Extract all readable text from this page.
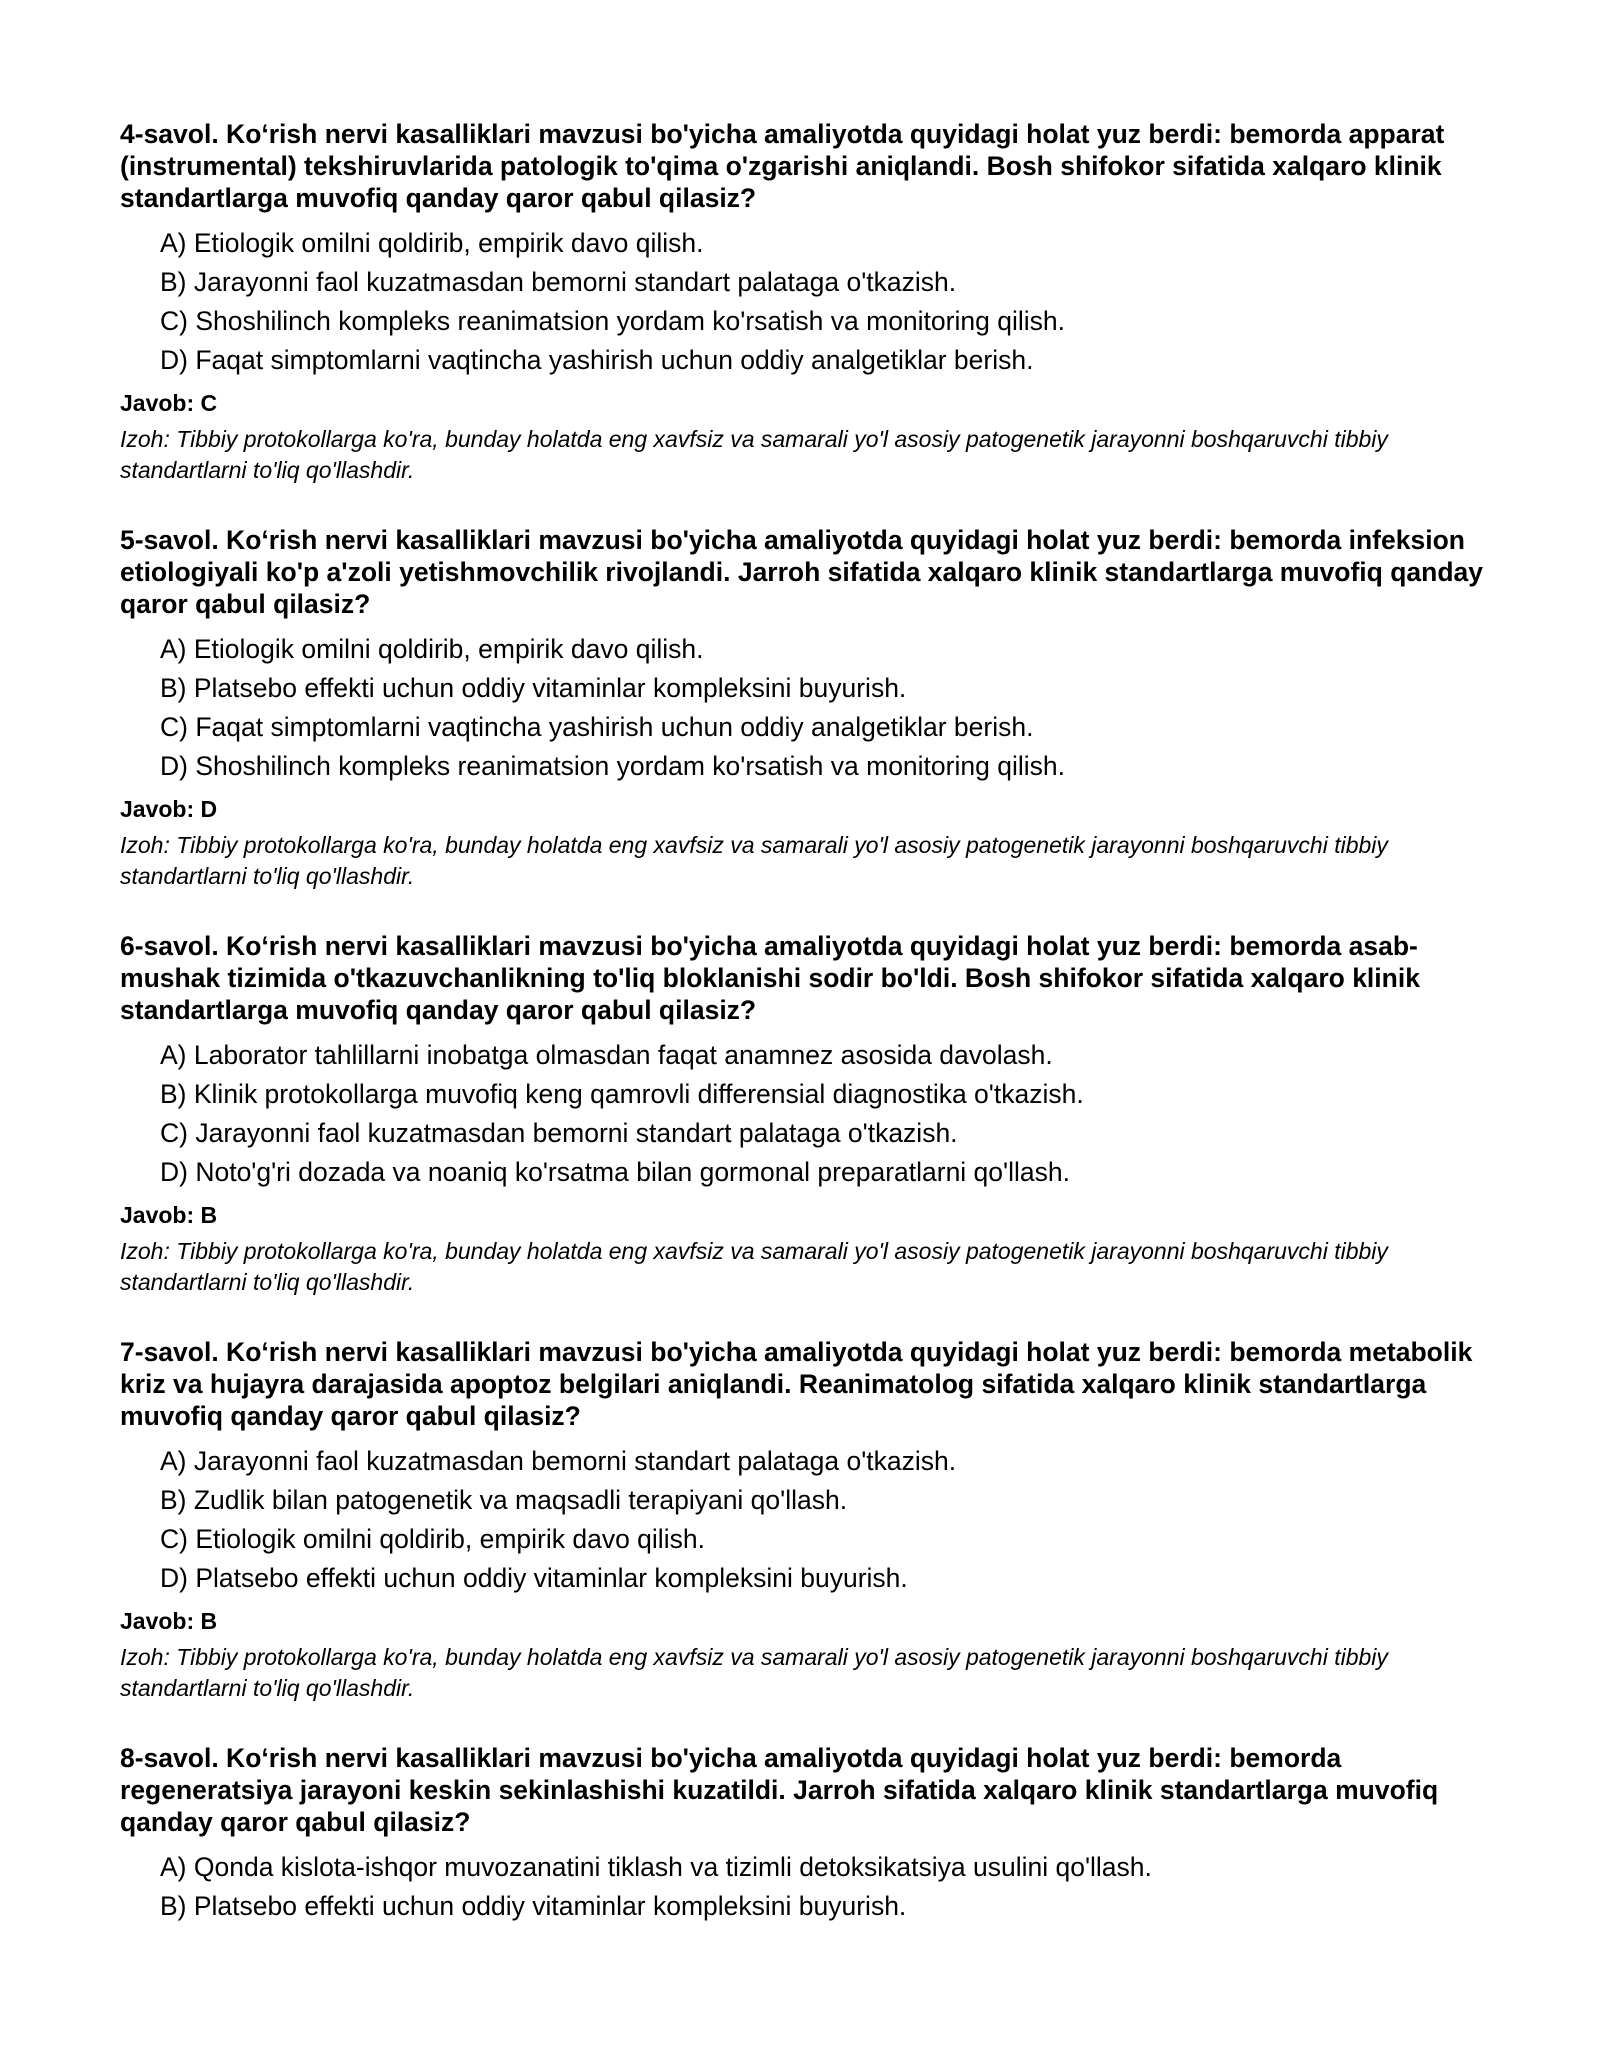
4-savol. Ko‘rish nervi kasalliklari mavzusi bo'yicha amaliyotda quyidagi holat yuz berdi: bemorda apparat (instrumental) tekshiruvlarida patologik to'qima o'zgarishi aniqlandi. Bosh shifokor sifatida xalqaro klinik standartlarga muvofiq qanday qaror qabul qilasiz?

A) Etiologik omilni qoldirib, empirik davo qilish.
B) Jarayonni faol kuzatmasdan bemorni standart palataga o'tkazish.
C) Shoshilinch kompleks reanimatsion yordam ko'rsatish va monitoring qilish.
D) Faqat simptomlarni vaqtincha yashirish uchun oddiy analgetiklar berish.

Javob: C

Izoh: Tibbiy protokollarga ko'ra, bunday holatda eng xavfsiz va samarali yo'l asosiy patogenetik jarayonni boshqaruvchi tibbiy standartlarni to'liq qo'llashdir.

5-savol. Ko‘rish nervi kasalliklari mavzusi bo'yicha amaliyotda quyidagi holat yuz berdi: bemorda infeksion etiologiyali ko'p a'zoli yetishmovchilik rivojlandi. Jarroh sifatida xalqaro klinik standartlarga muvofiq qanday qaror qabul qilasiz?

A) Etiologik omilni qoldirib, empirik davo qilish.
B) Platsebo effekti uchun oddiy vitaminlar kompleksini buyurish.
C) Faqat simptomlarni vaqtincha yashirish uchun oddiy analgetiklar berish.
D) Shoshilinch kompleks reanimatsion yordam ko'rsatish va monitoring qilish.

Javob: D

Izoh: Tibbiy protokollarga ko'ra, bunday holatda eng xavfsiz va samarali yo'l asosiy patogenetik jarayonni boshqaruvchi tibbiy standartlarni to'liq qo'llashdir.

6-savol. Ko‘rish nervi kasalliklari mavzusi bo'yicha amaliyotda quyidagi holat yuz berdi: bemorda asab-mushak tizimida o'tkazuvchanlikning to'liq bloklanishi sodir bo'ldi. Bosh shifokor sifatida xalqaro klinik standartlarga muvofiq qanday qaror qabul qilasiz?

A) Laborator tahlillarni inobatga olmasdan faqat anamnez asosida davolash.
B) Klinik protokollarga muvofiq keng qamrovli differensial diagnostika o'tkazish.
C) Jarayonni faol kuzatmasdan bemorni standart palataga o'tkazish.
D) Noto'g'ri dozada va noaniq ko'rsatma bilan gormonal preparatlarni qo'llash.

Javob: B

Izoh: Tibbiy protokollarga ko'ra, bunday holatda eng xavfsiz va samarali yo'l asosiy patogenetik jarayonni boshqaruvchi tibbiy standartlarni to'liq qo'llashdir.

7-savol. Ko‘rish nervi kasalliklari mavzusi bo'yicha amaliyotda quyidagi holat yuz berdi: bemorda metabolik kriz va hujayra darajasida apoptoz belgilari aniqlandi. Reanimatolog sifatida xalqaro klinik standartlarga muvofiq qanday qaror qabul qilasiz?

A) Jarayonni faol kuzatmasdan bemorni standart palataga o'tkazish.
B) Zudlik bilan patogenetik va maqsadli terapiyani qo'llash.
C) Etiologik omilni qoldirib, empirik davo qilish.
D) Platsebo effekti uchun oddiy vitaminlar kompleksini buyurish.

Javob: B

Izoh: Tibbiy protokollarga ko'ra, bunday holatda eng xavfsiz va samarali yo'l asosiy patogenetik jarayonni boshqaruvchi tibbiy standartlarni to'liq qo'llashdir.

8-savol. Ko‘rish nervi kasalliklari mavzusi bo'yicha amaliyotda quyidagi holat yuz berdi: bemorda regeneratsiya jarayoni keskin sekinlashishi kuzatildi. Jarroh sifatida xalqaro klinik standartlarga muvofiq qanday qaror qabul qilasiz?

A) Qonda kislota-ishqor muvozanatini tiklash va tizimli detoksikatsiya usulini qo'llash.
B) Platsebo effekti uchun oddiy vitaminlar kompleksini buyurish.
